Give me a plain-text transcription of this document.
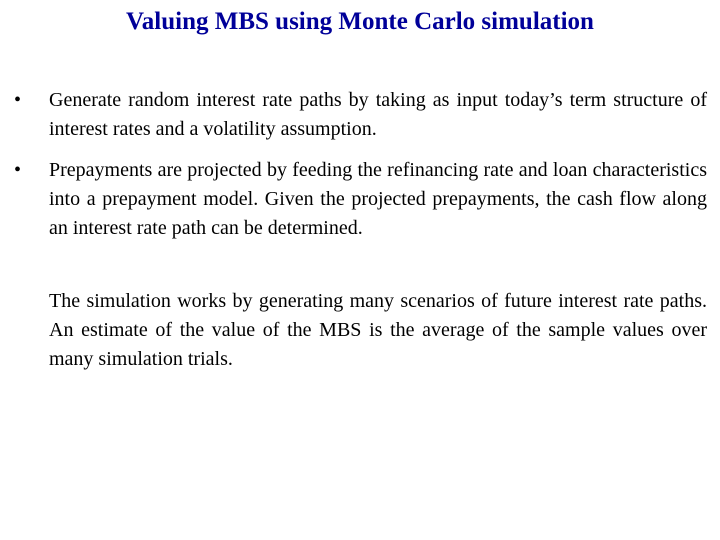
Valuing MBS using Monte Carlo simulation
• Generate random interest rate paths by taking as input today’s term structure of interest rates and a volatility assumption.
• Prepayments are projected by feeding the refinancing rate and loan characteristics into a prepayment model. Given the projected prepayments, the cash flow along an interest rate path can be determined.
The simulation works by generating many scenarios of future interest rate paths. An estimate of the value of the MBS is the average of the sample values over many simulation trials.
